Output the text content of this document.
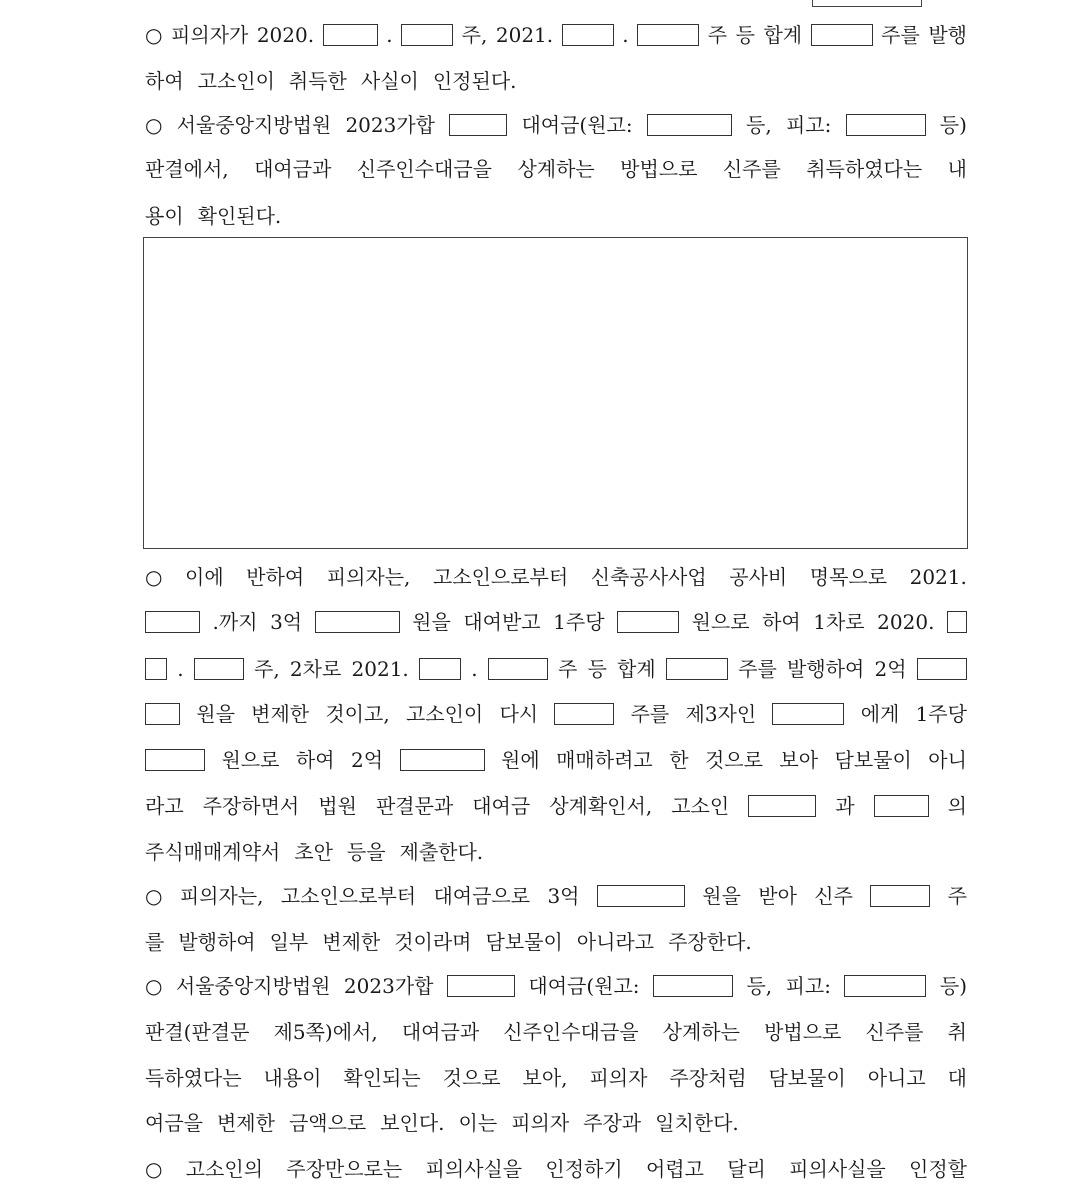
○ 피의자가 2020.	.	주, 2021.	.	주 등 합계	주를 발행
하여 고소인이 취득한 사실이 인정된다.
○ 서울중앙지방법원 2023가합	대여금(원고:	등, 피고:	등)
판결에서, 대여금과 신주인수대금을 상계하는 방법으로 신주를 취득하였다는 내
용이 확인된다.
○ 이에 반하여 피의자는, 고소인으로부터 신축공사사업 공사비 명목으로 2021.
.까지 3억	원을 대여받고 1주당	원으로 하여 1차로 2020.
.	주, 2차로 2021.	.	주 등 합계	주를 발행하여 2억
원을 변제한 것이고, 고소인이 다시	주를 제3자인	에게 1주당
원으로 하여 2억	원에 매매하려고 한 것으로 보아 담보물이 아니
라고 주장하면서 법원 판결문과 대여금 상계확인서, 고소인	과	의
주식매매계약서 초안 등을 제출한다.
○ 피의자는, 고소인으로부터 대여금으로 3억	원을 받아 신주	주
를 발행하여 일부 변제한 것이라며 담보물이 아니라고 주장한다.
○ 서울중앙지방법원 2023가합	대여금(원고:	등, 피고:	등)
판결(판결문 제5쪽)에서, 대여금과 신주인수대금을 상계하는 방법으로 신주를 취
득하였다는 내용이 확인되는 것으로 보아, 피의자 주장처럼 담보물이 아니고 대
여금을 변제한 금액으로 보인다. 이는 피의자 주장과 일치한다.
○ 고소인의 주장만으로는 피의사실을 인정하기 어렵고 달리 피의사실을 인정할
